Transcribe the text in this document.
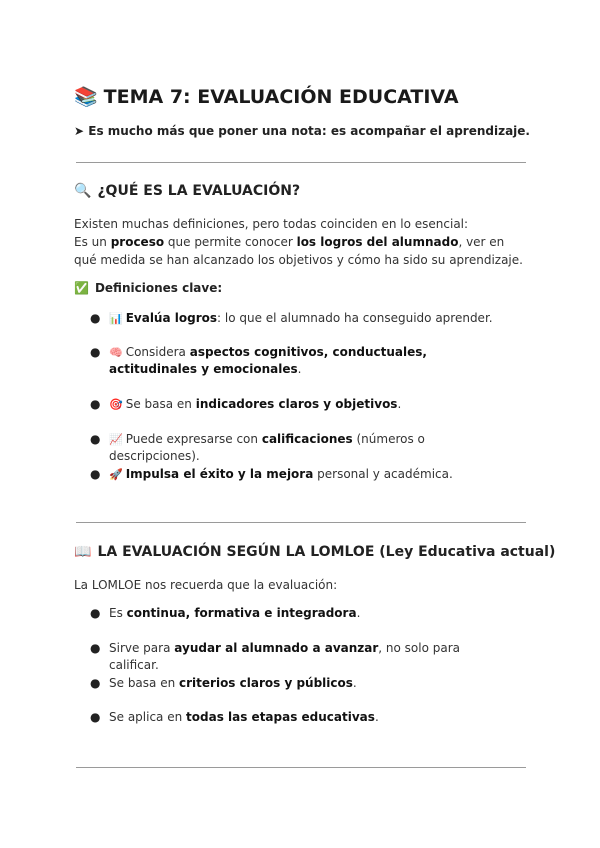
📚 TEMA 7: EVALUACIÓN EDUCATIVA

➤ Es mucho más que poner una nota: es acompañar el aprendizaje.

🔍 ¿QUÉ ES LA EVALUACIÓN?

Existen muchas definiciones, pero todas coinciden en lo esencial:
Es un proceso que permite conocer los logros del alumnado, ver en qué medida se han alcanzado los objetivos y cómo ha sido su aprendizaje.

✅ Definiciones clave:

● 📊 Evalúa logros: lo que el alumnado ha conseguido aprender.
● 🧠 Considera aspectos cognitivos, conductuales, actitudinales y emocionales.
● 🎯 Se basa en indicadores claros y objetivos.
● 📈 Puede expresarse con calificaciones (números o descripciones).
● 🚀 Impulsa el éxito y la mejora personal y académica.
📖 LA EVALUACIÓN SEGÚN LA LOMLOE (Ley Educativa actual)

La LOMLOE nos recuerda que la evaluación:

● Es continua, formativa e integradora.
● Sirve para ayudar al alumnado a avanzar, no solo para calificar.
● Se basa en criterios claros y públicos.
● Se aplica en todas las etapas educativas.
